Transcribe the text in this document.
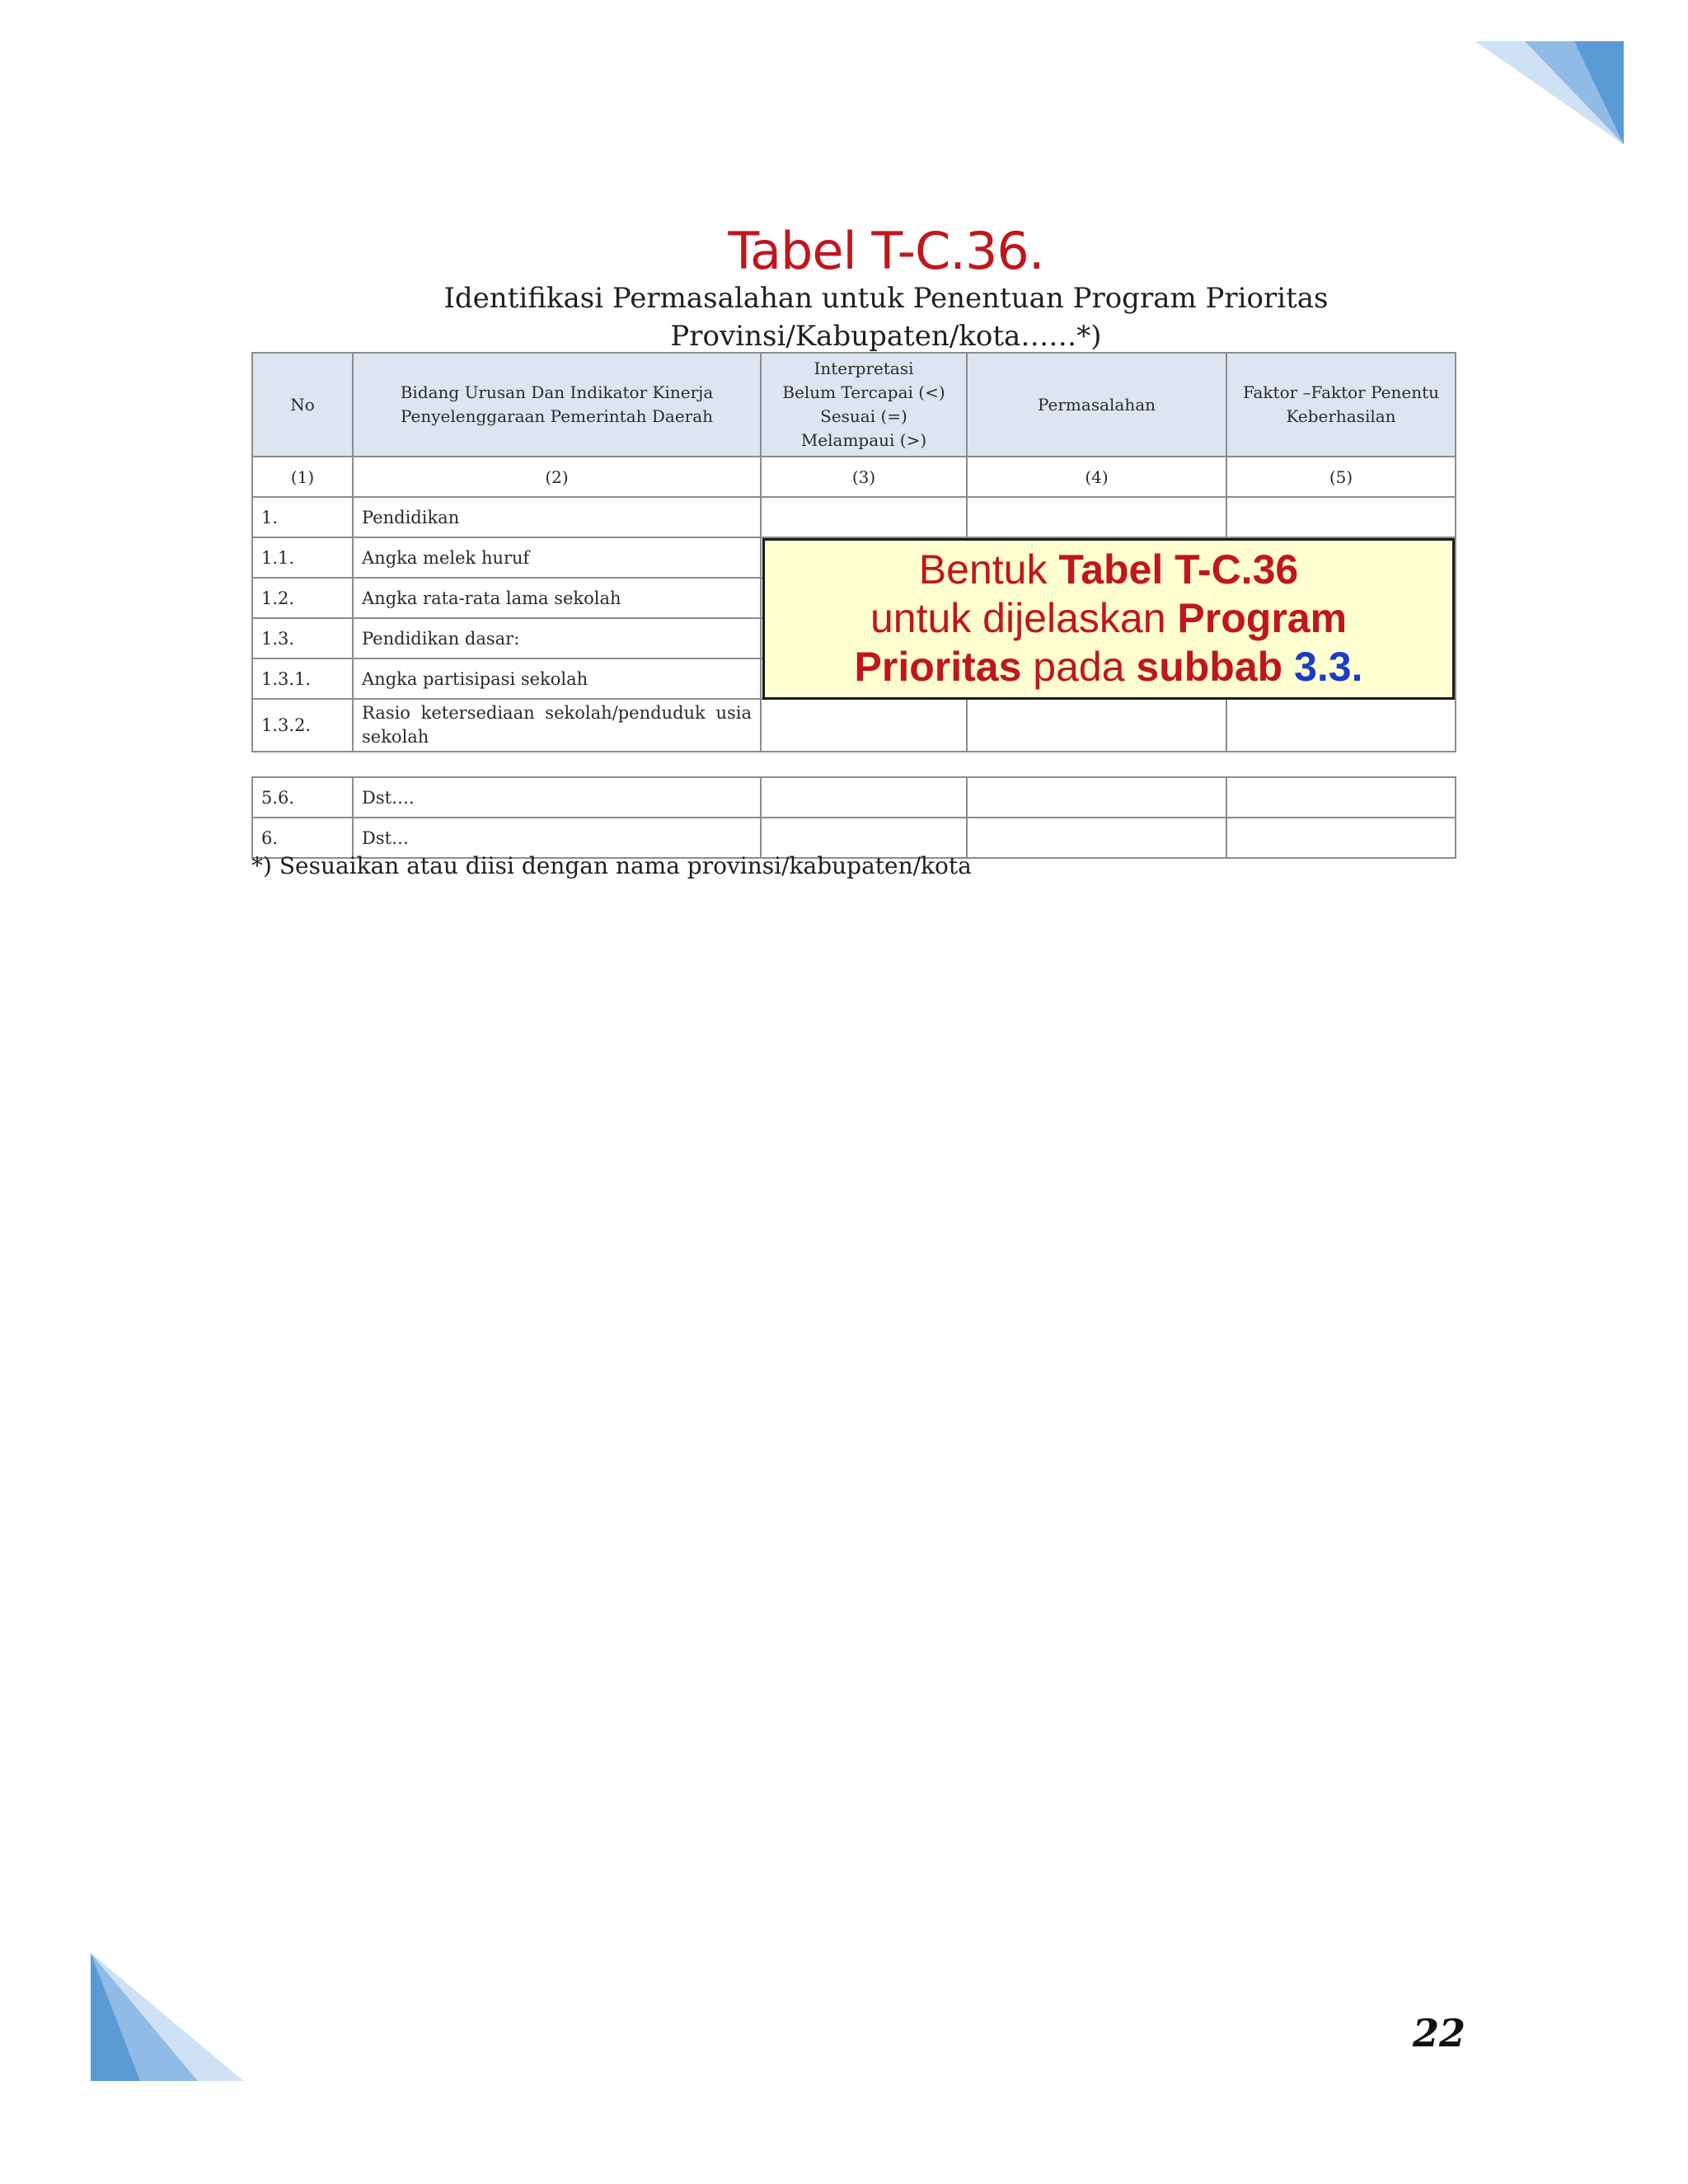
Tabel T-C.36.
Identifikasi Permasalahan untuk Penentuan Program Prioritas
Provinsi/Kabupaten/kota……*)
No	Bidang Urusan Dan Indikator Kinerja Penyelenggaraan Pemerintah Daerah	Interpretasi
Belum Tercapai (<)
Sesuai (=)
Melampaui (>)	Permasalahan	Faktor –Faktor Penentu Keberhasilan
(1)	(2)	(3)	(4)	(5)
1.	Pendidikan			
1.1.	Angka melek huruf			
1.2.	Angka rata-rata lama sekolah			
1.3.	Pendidikan dasar:			
1.3.1.	Angka partisipasi sekolah			
1.3.2.	Rasio ketersediaan sekolah/penduduk usia sekolah			
5.6.	Dst….			
6.	Dst…			
Bentuk Tabel T-C.36
untuk dijelaskan Program
Prioritas pada subbab 3.3.
*) Sesuaikan atau diisi dengan nama provinsi/kabupaten/kota
22
